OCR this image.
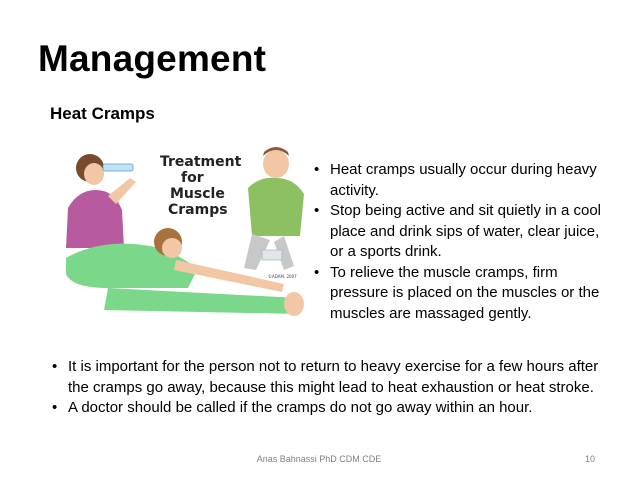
Management
Heat Cramps
Treatment
for
Muscle
Cramps
©ADAM, 2007
• Heat cramps usually occur during heavy activity.
• Stop being active and sit quietly in a cool place and drink sips of water, clear juice, or a sports drink.
• To relieve the muscle cramps, firm pressure is placed on the muscles or the muscles are massaged gently.
• It is important for the person not to return to heavy exercise for a few hours after the cramps go away, because this might lead to heat exhaustion or heat stroke.
• A doctor should be called if the cramps do not go away within an hour.
Anas Bahnassi PhD CDM CDE	10
